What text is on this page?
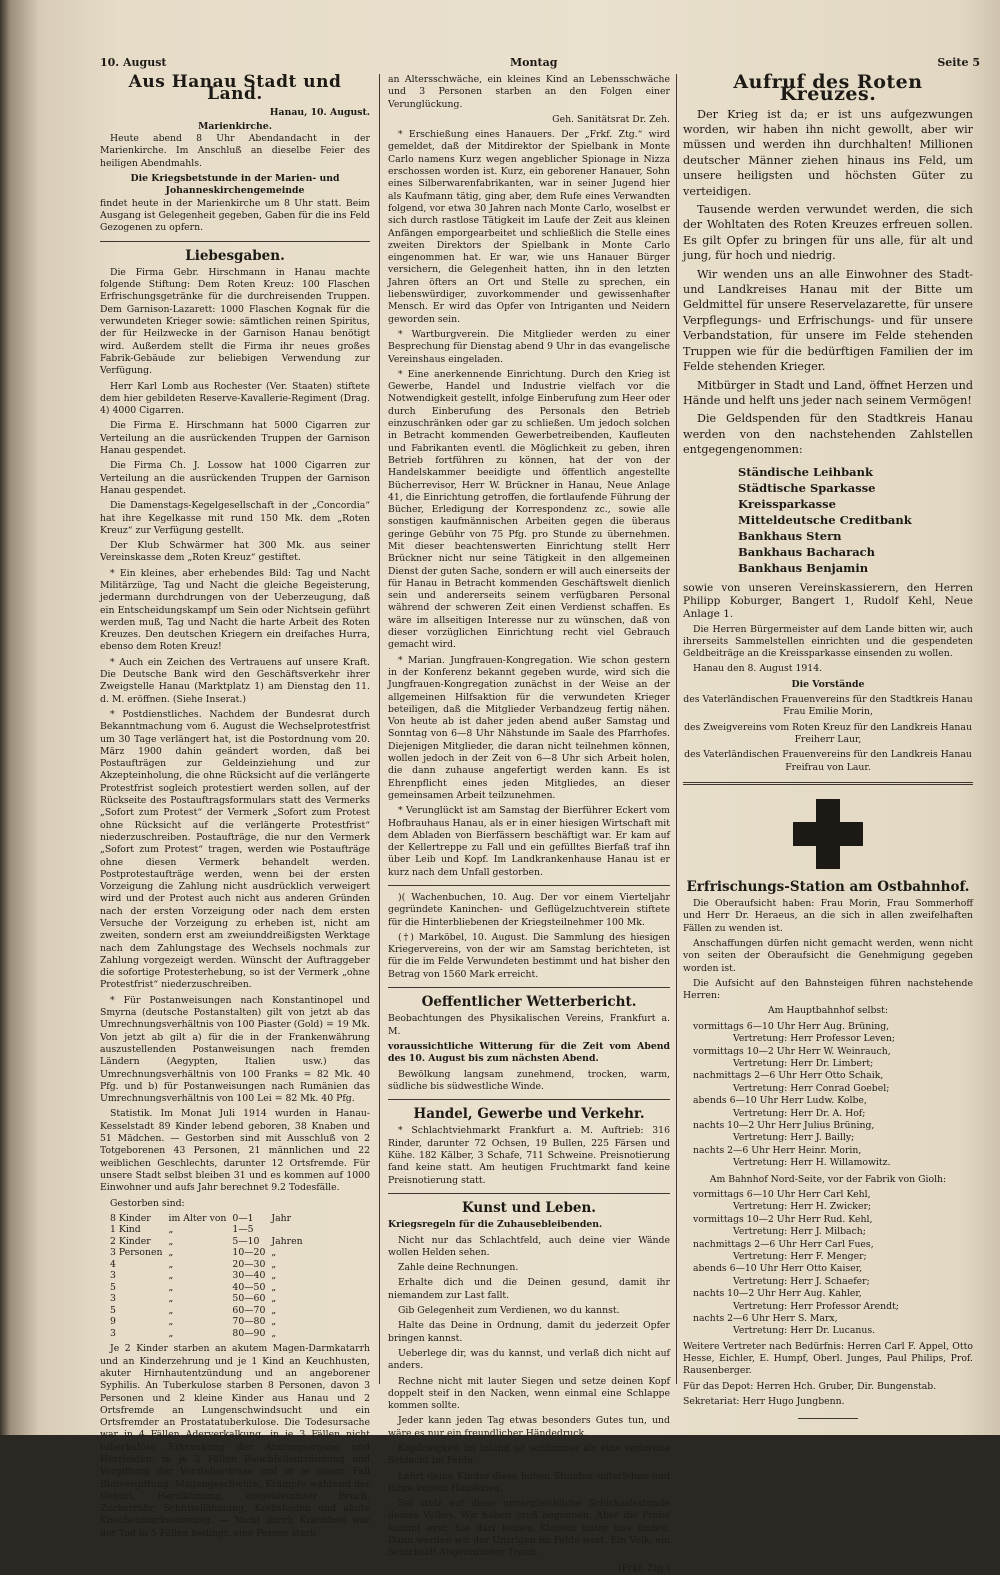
10. August	Montag	Seite 5
Aus Hanau Stadt und Land.
Hanau, 10. August.
Marienkirche.

Heute abend 8 Uhr Abendandacht in der Marienkirche. Im Anschluß an dieselbe Feier des heiligen Abendmahls.

Die Kriegsbetstunde in der Marien- und Johanneskirchengemeinde

findet heute in der Marienkirche um 8 Uhr statt. Beim Ausgang ist Gelegenheit gegeben, Gaben für die ins Feld Gezogenen zu opfern.

Liebesgaben.

Die Firma Gebr. Hirschmann in Hanau machte folgende Stiftung: Dem Roten Kreuz: 100 Flaschen Erfrischungsgetränke für die durchreisenden Truppen. Dem Garnison-Lazarett: 1000 Flaschen Kognak für die verwundeten Krieger sowie: sämtlichen reinen Spiritus, der für Heilzwecke in der Garnison Hanau benötigt wird. Außerdem stellt die Firma ihr neues großes Fabrik-Gebäude zur beliebigen Verwendung zur Verfügung.

Herr Karl Lomb aus Rochester (Ver. Staaten) stiftete dem hier gebildeten Reserve-Kavallerie-Regiment (Drag. 4) 4000 Cigarren.

Die Firma E. Hirschmann hat 5000 Cigarren zur Verteilung an die ausrückenden Truppen der Garnison Hanau gespendet.

Die Firma Ch. J. Lossow hat 1000 Cigarren zur Verteilung an die ausrückenden Truppen der Garnison Hanau gespendet.

Die Damenstags-Kegelgesellschaft in der „Concordia“ hat ihre Kegelkasse mit rund 150 Mk. dem „Roten Kreuz“ zur Verfügung gestellt.

Der Klub Schwärmer hat 300 Mk. aus seiner Vereinskasse dem „Roten Kreuz“ gestiftet.

* Ein kleines, aber erhebendes Bild: Tag und Nacht Militärzüge, Tag und Nacht die gleiche Begeisterung, jedermann durchdrungen von der Ueberzeugung, daß ein Entscheidungskampf um Sein oder Nichtsein geführt werden muß, Tag und Nacht die harte Arbeit des Roten Kreuzes. Den deutschen Kriegern ein dreifaches Hurra, ebenso dem Roten Kreuz!

* Auch ein Zeichen des Vertrauens auf unsere Kraft. Die Deutsche Bank wird den Geschäftsverkehr ihrer Zweigstelle Hanau (Marktplatz 1) am Dienstag den 11. d. M. eröffnen. (Siehe Inserat.)

* Postdienstliches. Nachdem der Bundesrat durch Bekanntmachung vom 6. August die Wechselprotestfrist um 30 Tage verlängert hat, ist die Postordnung vom 20. März 1900 dahin geändert worden, daß bei Postaufträgen zur Geldeinziehung und zur Akzepteinholung, die ohne Rücksicht auf die verlängerte Protestfrist sogleich protestiert werden sollen, auf der Rückseite des Postauftragsformulars statt des Vermerks „Sofort zum Protest“ der Vermerk „Sofort zum Protest ohne Rücksicht auf die verlängerte Protestfrist“ niederzuschreiben. Postaufträge, die nur den Vermerk „Sofort zum Protest“ tragen, werden wie Postaufträge ohne diesen Vermerk behandelt werden. Postprotestaufträge werden, wenn bei der ersten Vorzeigung die Zahlung nicht ausdrücklich verweigert wird und der Protest auch nicht aus anderen Gründen nach der ersten Vorzeigung oder nach dem ersten Versuche der Vorzeigung zu erheben ist, nicht am zweiten, sondern erst am zweiunddreißigsten Werktage nach dem Zahlungstage des Wechsels nochmals zur Zahlung vorgezeigt werden. Wünscht der Auftraggeber die sofortige Protesterhebung, so ist der Vermerk „ohne Protestfrist“ niederzuschreiben.

* Für Postanweisungen nach Konstantinopel und Smyrna (deutsche Postanstalten) gilt von jetzt ab das Umrechnungsverhältnis von 100 Piaster (Gold) = 19 Mk. Von jetzt ab gilt a) für die in der Frankenwährung auszustellenden Postanweisungen nach fremden Ländern (Aegypten, Italien usw.) das Umrechnungsverhältnis von 100 Franks = 82 Mk. 40 Pfg. und b) für Postanweisungen nach Rumänien das Umrechnungsverhältnis von 100 Lei = 82 Mk. 40 Pfg.

Statistik. Im Monat Juli 1914 wurden in Hanau-Kesselstadt 89 Kinder lebend geboren, 38 Knaben und 51 Mädchen. — Gestorben sind mit Ausschluß von 2 Totgeborenen 43 Personen, 21 männlichen und 22 weiblichen Geschlechts, darunter 12 Ortsfremde. Für unsere Stadt selbst bleiben 31 und es kommen auf 1000 Einwohner und aufs Jahr berechnet 9.2 Todesfälle.

Gestorben sind:

8 Kinder	im Alter von	0—1	Jahr
1 Kind	„	1—5	
2 Kinder	„	5—10	Jahren
3 Personen	„	10—20	„
4	„	20—30	„
3	„	30—40	„
5	„	40—50	„
3	„	50—60	„
5	„	60—70	„
9	„	70—80	„
3	„	80—90	„

Je 2 Kinder starben an akutem Magen-Darmkatarrh und an Kinderzehrung und je 1 Kind an Keuchhusten, akuter Hirnhautentzündung und an angeborener Syphilis. An Tuberkulose starben 8 Personen, davon 3 Personen und 2 kleine Kinder aus Hanau und 2 Ortsfremde an Lungenschwindsucht und ein Ortsfremder an Prostatatuberkulose. Die Todesursache war in 4 Fällen Aderverkalkung, in je 3 Fällen nicht tuberkulöse Erkrankung der Atmungsorgane und Herzleiden, in je 2 Fällen Bauchfellentzündung und Vergiftung der Vorsteherdrüse und in je einem Fall Blutvergiftung, Magengeschwüre, Krämpfe während der Geburt, Herzlähmung, eingeklemmter Bruch, Zuckerruhr, Schüttellähmung, Krebsleiden und akute Knochenmarkseiterung. — Nicht durch Krankheit war der Tod in 5 Fällen bedingt: eine Person starb

an Altersschwäche, ein kleines Kind an Lebensschwäche und 3 Personen starben an den Folgen einer Verunglückung.

Geh. Sanitätsrat Dr. Zeh.

* Erschießung eines Hanauers. Der „Frkf. Ztg.“ wird gemeldet, daß der Mitdirektor der Spielbank in Monte Carlo namens Kurz wegen angeblicher Spionage in Nizza erschossen worden ist. Kurz, ein geborener Hanauer, Sohn eines Silberwarenfabrikanten, war in seiner Jugend hier als Kaufmann tätig, ging aber, dem Rufe eines Verwandten folgend, vor etwa 30 Jahren nach Monte Carlo, woselbst er sich durch rastlose Tätigkeit im Laufe der Zeit aus kleinen Anfängen emporgearbeitet und schließlich die Stelle eines zweiten Direktors der Spielbank in Monte Carlo eingenommen hat. Er war, wie uns Hanauer Bürger versichern, die Gelegenheit hatten, ihn in den letzten Jahren öfters an Ort und Stelle zu sprechen, ein liebenswürdiger, zuvorkommender und gewissenhafter Mensch. Er wird das Opfer von Intriganten und Neidern geworden sein.

* Wartburgverein. Die Mitglieder werden zu einer Besprechung für Dienstag abend 9 Uhr in das evangelische Vereinshaus eingeladen.

* Eine anerkennende Einrichtung. Durch den Krieg ist Gewerbe, Handel und Industrie vielfach vor die Notwendigkeit gestellt, infolge Einberufung zum Heer oder durch Einberufung des Personals den Betrieb einzuschränken oder gar zu schließen. Um jedoch solchen in Betracht kommenden Gewerbetreibenden, Kaufleuten und Fabrikanten eventl. die Möglichkeit zu geben, ihren Betrieb fortführen zu können, hat der von der Handelskammer beeidigte und öffentlich angestellte Bücherrevisor, Herr W. Brückner in Hanau, Neue Anlage 41, die Einrichtung getroffen, die fortlaufende Führung der Bücher, Erledigung der Korrespondenz zc., sowie alle sonstigen kaufmännischen Arbeiten gegen die überaus geringe Gebühr von 75 Pfg. pro Stunde zu übernehmen. Mit dieser beachtenswerten Einrichtung stellt Herr Brückner nicht nur seine Tätigkeit in den allgemeinen Dienst der guten Sache, sondern er will auch einerseits der für Hanau in Betracht kommenden Geschäftswelt dienlich sein und andererseits seinem verfügbaren Personal während der schweren Zeit einen Verdienst schaffen. Es wäre im allseitigen Interesse nur zu wünschen, daß von dieser vorzüglichen Einrichtung recht viel Gebrauch gemacht wird.

* Marian. Jungfrauen-Kongregation. Wie schon gestern in der Konferenz bekannt gegeben wurde, wird sich die Jungfrauen-Kongregation zunächst in der Weise an der allgemeinen Hilfsaktion für die verwundeten Krieger beteiligen, daß die Mitglieder Verbandzeug fertig nähen. Von heute ab ist daher jeden abend außer Samstag und Sonntag von 6—8 Uhr Nähstunde im Saale des Pfarrhofes. Diejenigen Mitglieder, die daran nicht teilnehmen können, wollen jedoch in der Zeit von 6—8 Uhr sich Arbeit holen, die dann zuhause angefertigt werden kann. Es ist Ehrenpflicht eines jeden Mitgliedes, an dieser gemeinsamen Arbeit teilzunehmen.

* Verunglückt ist am Samstag der Bierführer Eckert vom Hofbrauhaus Hanau, als er in einer hiesigen Wirtschaft mit dem Abladen von Bierfässern beschäftigt war. Er kam auf der Kellertreppe zu Fall und ein gefülltes Bierfaß traf ihn über Leib und Kopf. Im Landkrankenhause Hanau ist er kurz nach dem Unfall gestorben.

)( Wachenbuchen, 10. Aug. Der vor einem Vierteljahr gegründete Kaninchen- und Geflügelzuchtverein stiftete für die Hinterbliebenen der Kriegsteilnehmer 100 Mk.

(†) Marköbel, 10. August. Die Sammlung des hiesigen Kriegervereins, von der wir am Samstag berichteten, ist für die im Felde Verwundeten bestimmt und hat bisher den Betrag von 1560 Mark erreicht.

Oeffentlicher Wetterbericht.

Beobachtungen des Physikalischen Vereins, Frankfurt a. M.

voraussichtliche Witterung für die Zeit vom Abend des 10. August bis zum nächsten Abend.

Bewölkung langsam zunehmend, trocken, warm, südliche bis südwestliche Winde.

Handel, Gewerbe und Verkehr.

* Schlachtviehmarkt Frankfurt a. M. Auftrieb: 316 Rinder, darunter 72 Ochsen, 19 Bullen, 225 Färsen und Kühe. 182 Kälber, 3 Schafe, 711 Schweine. Preisnotierung fand keine statt. Am heutigen Fruchtmarkt fand keine Preisnotierung statt.

Kunst und Leben.

Kriegsregeln für die Zuhausebleibenden.

Nicht nur das Schlachtfeld, auch deine vier Wände wollen Helden sehen.

Zahle deine Rechnungen.

Erhalte dich und die Deinen gesund, damit ihr niemandem zur Last fallt.

Gib Gelegenheit zum Verdienen, wo du kannst.

Halte das Deine in Ordnung, damit du jederzeit Opfer bringen kannst.

Ueberlege dir, was du kannst, und verlaß dich nicht auf anders.

Rechne nicht mit lauter Siegen und setze deinen Kopf doppelt steif in den Nacken, wenn einmal eine Schlappe kommen sollte.

Jeder kann jeden Tag etwas besonders Gutes tun, und wäre es nur ein freundlicher Händedruck.

Kopflosigkeit im Inland ist schlimmer als eine verlorene Schlacht im Felde.

Lehrt deine Kinder diese hohen Stunden miterleben und führe keinen Hauskrieg.

Sei stolz auf diese unvergleichliche Schicksalsstunde deines Volkes. Wir haben groß begonnen. Aber die Probe kommt erst: Sie darf keinen Kleinen unter uns finden. Dann werden wir der Unsrigen im Felde wert. Ein Volk, ein Schicksal! Abgeordneter Traub.

(Frkf. Ztg.)

Aufruf des Roten Kreuzes.

Der Krieg ist da; er ist uns aufgezwungen worden, wir haben ihn nicht gewollt, aber wir müssen und werden ihn durchhalten! Millionen deutscher Männer ziehen hinaus ins Feld, um unsere heiligsten und höchsten Güter zu verteidigen.

Tausende werden verwundet werden, die sich der Wohltaten des Roten Kreuzes erfreuen sollen. Es gilt Opfer zu bringen für uns alle, für alt und jung, für hoch und niedrig.

Wir wenden uns an alle Einwohner des Stadt- und Landkreises Hanau mit der Bitte um Geldmittel für unsere Reservelazarette, für unsere Verpflegungs- und Erfrischungs- und für unsere Verbandstation, für unsere im Felde stehenden Truppen wie für die bedürftigen Familien der im Felde stehenden Krieger.

Mitbürger in Stadt und Land, öffnet Herzen und Hände und helft uns jeder nach seinem Vermögen!

Die Geldspenden für den Stadtkreis Hanau werden von den nachstehenden Zahlstellen entgegengenommen:

Ständische Leihbank
Städtische Sparkasse
Kreissparkasse
Mitteldeutsche Creditbank
Bankhaus Stern
Bankhaus Bacharach
Bankhaus Benjamin

sowie von unseren Vereinskassierern, den Herren Philipp Koburger, Bangert 1, Rudolf Kehl, Neue Anlage 1.

Die Herren Bürgermeister auf dem Lande bitten wir, auch ihrerseits Sammelstellen einrichten und die gespendeten Geldbeiträge an die Kreissparkasse einsenden zu wollen.

Hanau den 8. August 1914.

Die Vorstände

des Vaterländischen Frauenvereins für den Stadtkreis Hanau Frau Emilie Morin,

des Zweigvereins vom Roten Kreuz für den Landkreis Hanau Freiherr Laur,

des Vaterländischen Frauenvereins für den Landkreis Hanau Freifrau von Laur.

Erfrischungs-Station am Ostbahnhof.

Die Oberaufsicht haben: Frau Morin, Frau Sommerhoff und Herr Dr. Heraeus, an die sich in allen zweifelhaften Fällen zu wenden ist.

Anschaffungen dürfen nicht gemacht werden, wenn nicht von seiten der Oberaufsicht die Genehmigung gegeben worden ist.

Die Aufsicht auf den Bahnsteigen führen nachstehende Herren:

Am Hauptbahnhof selbst:

vormittags 6—10 Uhr Herr Aug. Brüning,

Vertretung: Herr Professor Leven;

vormittags 10—2 Uhr Herr W. Weinrauch,

Vertretung: Herr Dr. Limbert;

nachmittags 2—6 Uhr Herr Otto Schaik,

Vertretung: Herr Conrad Goebel;

abends 6—10 Uhr Herr Ludw. Kolbe,

Vertretung: Herr Dr. A. Hof;

nachts 10—2 Uhr Herr Julius Brüning,

Vertretung: Herr J. Bailly;

nachts 2—6 Uhr Herr Heinr. Morin,

Vertretung: Herr H. Willamowitz.

Am Bahnhof Nord-Seite, vor der Fabrik von Giolh:

vormittags 6—10 Uhr Herr Carl Kehl,

Vertretung: Herr H. Zwicker;

vormittags 10—2 Uhr Herr Rud. Kehl,

Vertretung: Herr J. Milbach;

nachmittags 2—6 Uhr Herr Carl Fues,

Vertretung: Herr F. Menger;

abends 6—10 Uhr Herr Otto Kaiser,

Vertretung: Herr J. Schaefer;

nachts 10—2 Uhr Herr Aug. Kahler,

Vertretung: Herr Professor Arendt;

nachts 2—6 Uhr Herr S. Marx,

Vertretung: Herr Dr. Lucanus.

Weitere Vertreter nach Bedürfnis: Herren Carl F. Appel, Otto Hesse, Eichler, E. Humpf, Oberl. Junges, Paul Philips, Prof. Rausenberger.

Für das Depot: Herren Hch. Gruber, Dir. Bungenstab.

Sekretariat: Herr Hugo Jungbenn.
